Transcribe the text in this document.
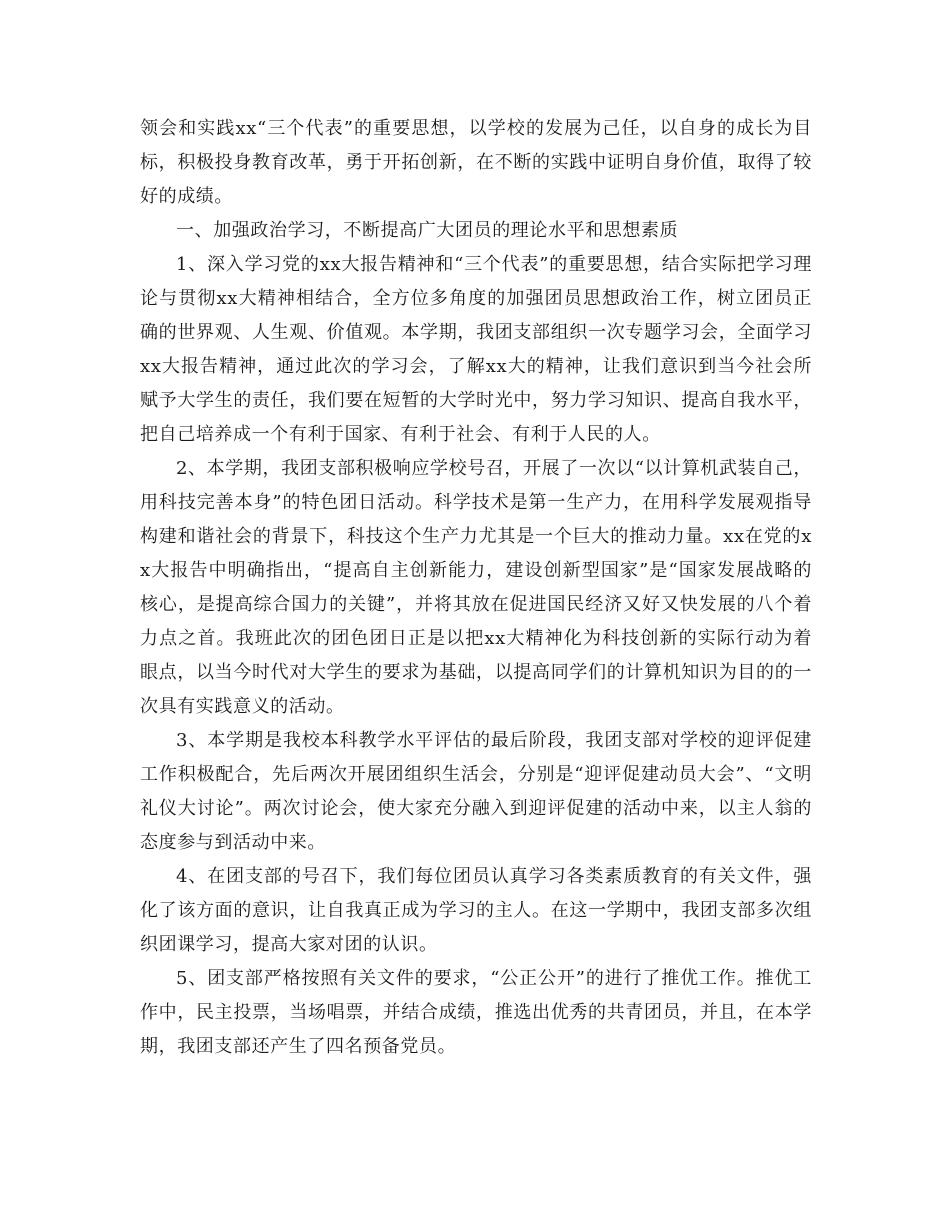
领会和实践xx“三个代表”的重要思想，以学校的发展为己任，以自身的成长为目标，积极投身教育改革，勇于开拓创新，在不断的实践中证明自身价值，取得了较好的成绩。

一、加强政治学习，不断提高广大团员的理论水平和思想素质

1、深入学习党的xx大报告精神和“三个代表”的重要思想，结合实际把学习理论与贯彻xx大精神相结合，全方位多角度的加强团员思想政治工作，树立团员正确的世界观、人生观、价值观。本学期，我团支部组织一次专题学习会，全面学习xx大报告精神，通过此次的学习会，了解xx大的精神，让我们意识到当今社会所赋予大学生的责任，我们要在短暂的大学时光中，努力学习知识、提高自我水平，把自己培养成一个有利于国家、有利于社会、有利于人民的人。

2、本学期，我团支部积极响应学校号召，开展了一次以“以计算机武装自己，用科技完善本身”的特色团日活动。科学技术是第一生产力，在用科学发展观指导构建和谐社会的背景下，科技这个生产力尤其是一个巨大的推动力量。xx在党的xx大报告中明确指出，“提高自主创新能力，建设创新型国家”是“国家发展战略的核心，是提高综合国力的关键”，并将其放在促进国民经济又好又快发展的八个着力点之首。我班此次的团色团日正是以把xx大精神化为科技创新的实际行动为着眼点，以当今时代对大学生的要求为基础，以提高同学们的计算机知识为目的的一次具有实践意义的活动。

3、本学期是我校本科教学水平评估的最后阶段，我团支部对学校的迎评促建工作积极配合，先后两次开展团组织生活会，分别是“迎评促建动员大会”、“文明礼仪大讨论”。两次讨论会，使大家充分融入到迎评促建的活动中来，以主人翁的态度参与到活动中来。

4、在团支部的号召下，我们每位团员认真学习各类素质教育的有关文件，强化了该方面的意识，让自我真正成为学习的主人。在这一学期中，我团支部多次组织团课学习，提高大家对团的认识。

5、团支部严格按照有关文件的要求，“公正公开”的进行了推优工作。推优工作中，民主投票，当场唱票，并结合成绩，推选出优秀的共青团员，并且，在本学期，我团支部还产生了四名预备党员。
